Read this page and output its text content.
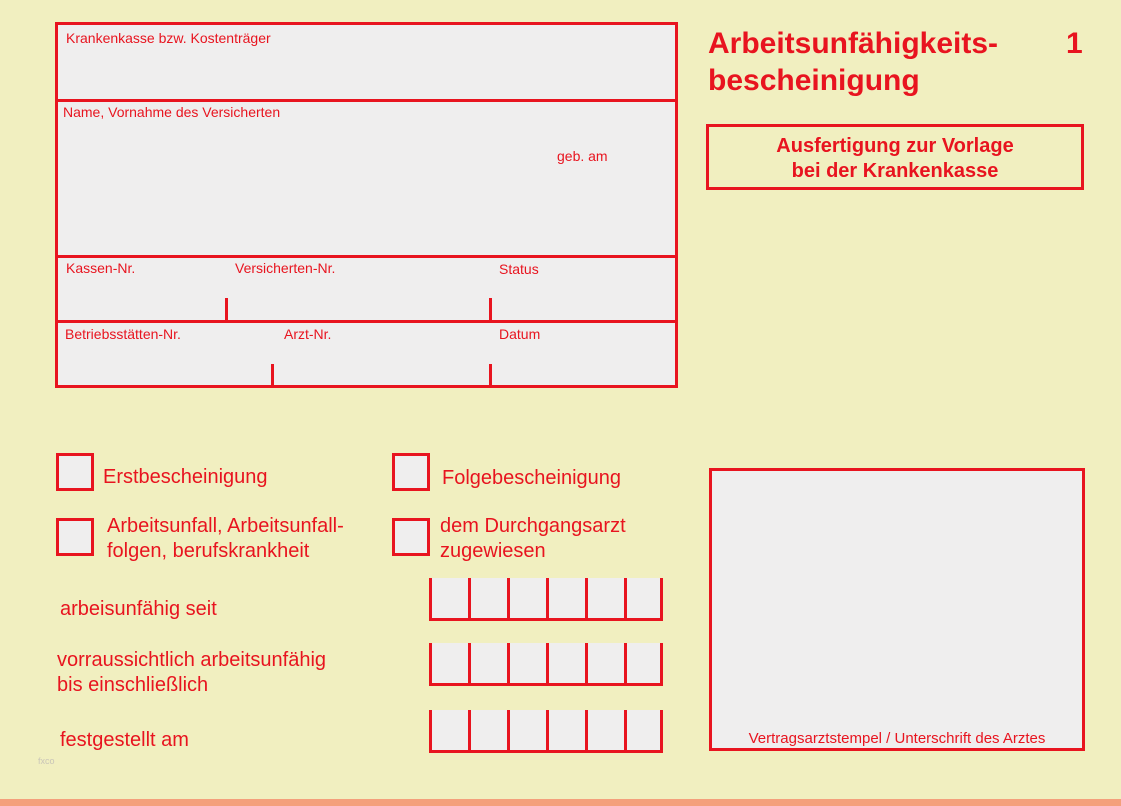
Krankenkasse bzw. Kostenträger
Name, Vornahme des Versicherten
geb. am
Kassen-Nr.	Versicherten-Nr.	Status
Betriebsstätten-Nr.	Arzt-Nr.	Datum
Arbeitsunfähigkeits-
bescheinigung
1
Ausfertigung zur Vorlage
bei der Krankenkasse
Erstbescheinigung	Folgebescheinigung
Arbeitsunfall, Arbeitsunfall-
folgen, berufskrankheit
dem Durchgangsarzt
zugewiesen
arbeisunfähig seit
vorraussichtlich arbeitsunfähig
bis einschließlich
festgestellt am	Vertragsarztstempel / Unterschrift des Arztes
fxco
